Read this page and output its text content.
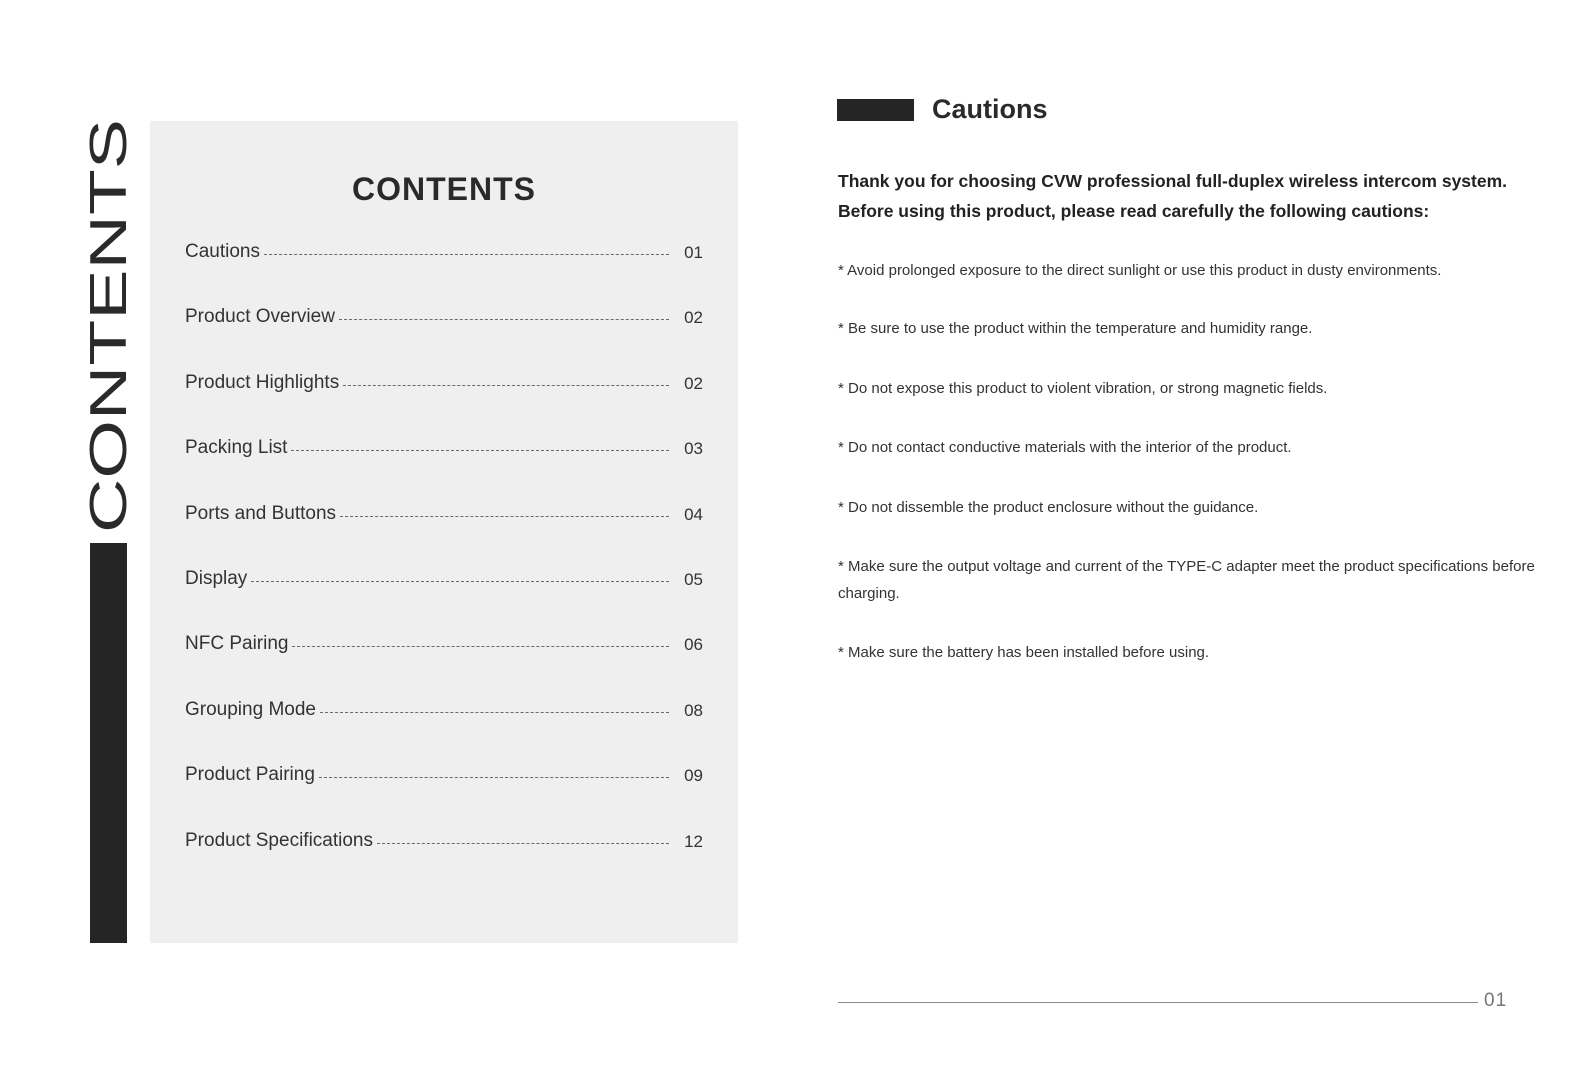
CONTENTS
CONTENTS
Cautions	01
Product Overview	02
Product Highlights	02
Packing List	03
Ports and Buttons	04
Display	05
NFC Pairing	06
Grouping Mode	08
Product Pairing	09
Product Specifications	12
Cautions
Thank you for choosing CVW professional full-duplex wireless intercom system.
Before using this product, please read carefully the following cautions:
* Avoid prolonged exposure to the direct sunlight or use this product in dusty environments.
* Be sure to use the product within the temperature and humidity range.
* Do not expose this product to violent vibration, or strong magnetic fields.
* Do not contact conductive materials with the interior of the product.
* Do not dissemble the product enclosure without the guidance.
* Make sure the output voltage and current of the TYPE-C adapter meet the product specifications before charging.
* Make sure the battery has been installed before using.
01
